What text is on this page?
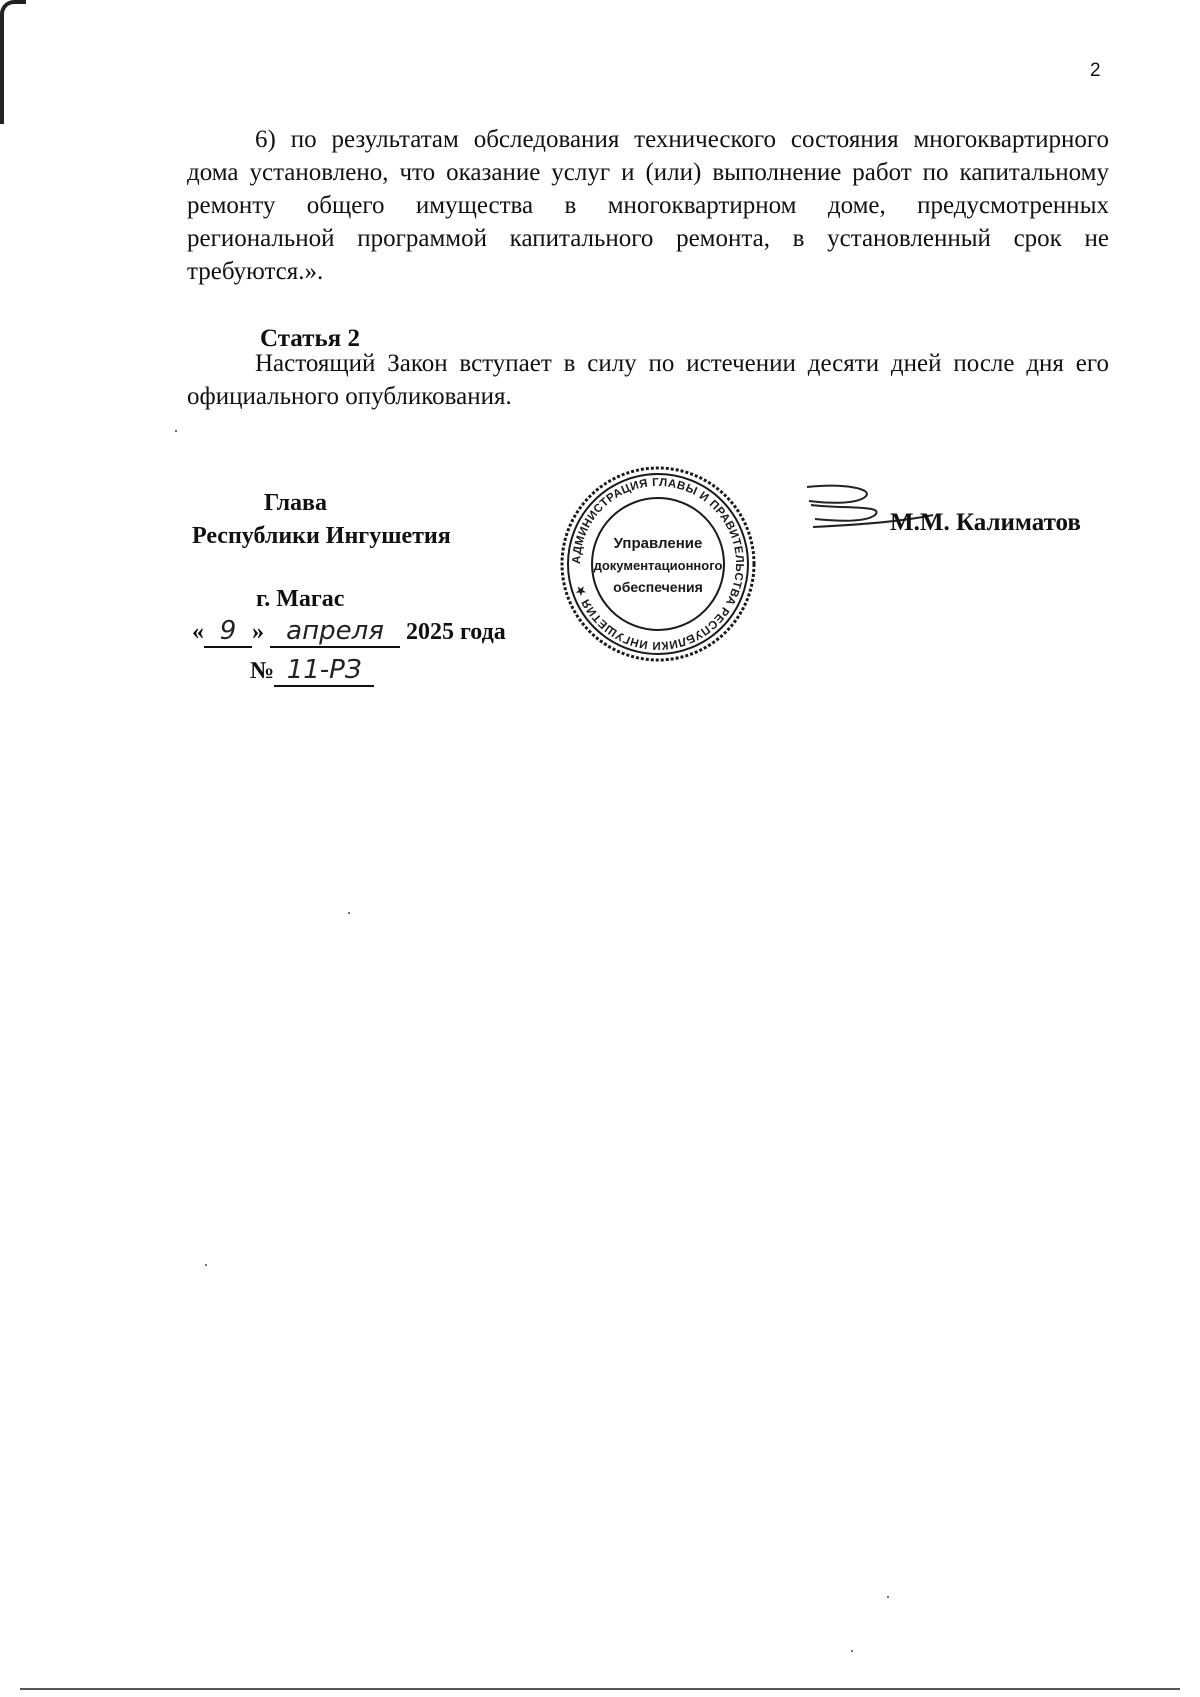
2

6) по результатам обследования технического состояния многоквартирного дома установлено, что оказание услуг и (или) выполнение работ по капитальному ремонту общего имущества в многоквартирном доме, предусмотренных региональной программой капитального ремонта, в установленный срок не требуются.».

Статья 2

Настоящий Закон вступает в силу по истечении десяти дней после дня его официального опубликования.

Глава
Республики Ингушетия	М.М. Калиматов
АДМИНИСТРАЦИЯ ГЛАВЫ И ПРАВИТЕЛЬСТВА РЕСПУБЛИКИ ИНГУШЕТИЯ ★
Управление
документационного
обеспечения
г. Магас
« 9 » апреля 2025 года
№ 11-РЗ
